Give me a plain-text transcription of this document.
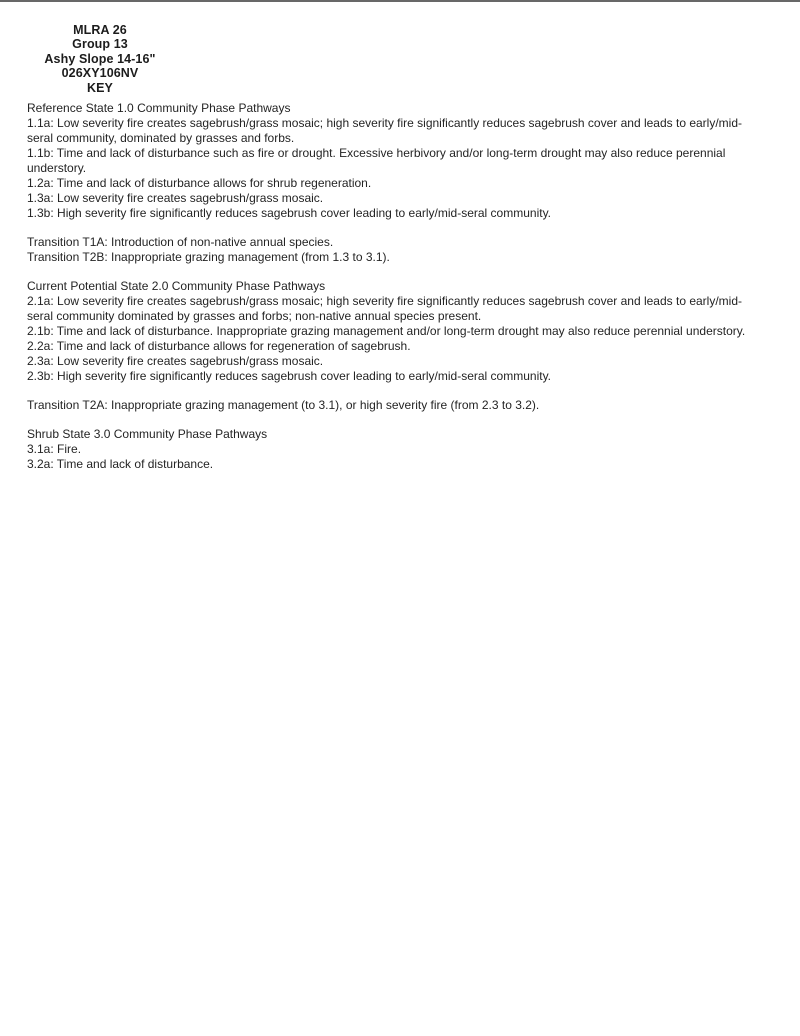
MLRA 26
Group 13
Ashy Slope 14-16"
026XY106NV
KEY
Reference State 1.0 Community Phase Pathways
1.1a: Low severity fire creates sagebrush/grass mosaic; high severity fire significantly reduces sagebrush cover and leads to early/mid-
seral community, dominated by grasses and forbs.
1.1b: Time and lack of disturbance such as fire or drought. Excessive herbivory and/or long-term drought may also reduce perennial
understory.
1.2a: Time and lack of disturbance allows for shrub regeneration.
1.3a: Low severity fire creates sagebrush/grass mosaic.
1.3b: High severity fire significantly reduces sagebrush cover leading to early/mid-seral community.
Transition T1A: Introduction of non-native annual species.
Transition T2B: Inappropriate grazing management (from 1.3 to 3.1).
Current Potential State 2.0 Community Phase Pathways
2.1a: Low severity fire creates sagebrush/grass mosaic; high severity fire significantly reduces sagebrush cover and leads to early/mid-
seral community dominated by grasses and forbs; non-native annual species present.
2.1b: Time and lack of disturbance. Inappropriate grazing management and/or long-term drought may also reduce perennial understory.
2.2a: Time and lack of disturbance allows for regeneration of sagebrush.
2.3a: Low severity fire creates sagebrush/grass mosaic.
2.3b: High severity fire significantly reduces sagebrush cover leading to early/mid-seral community.
Transition T2A: Inappropriate grazing management (to 3.1), or high severity fire (from 2.3 to 3.2).
Shrub State 3.0 Community Phase Pathways
3.1a: Fire.
3.2a: Time and lack of disturbance.
